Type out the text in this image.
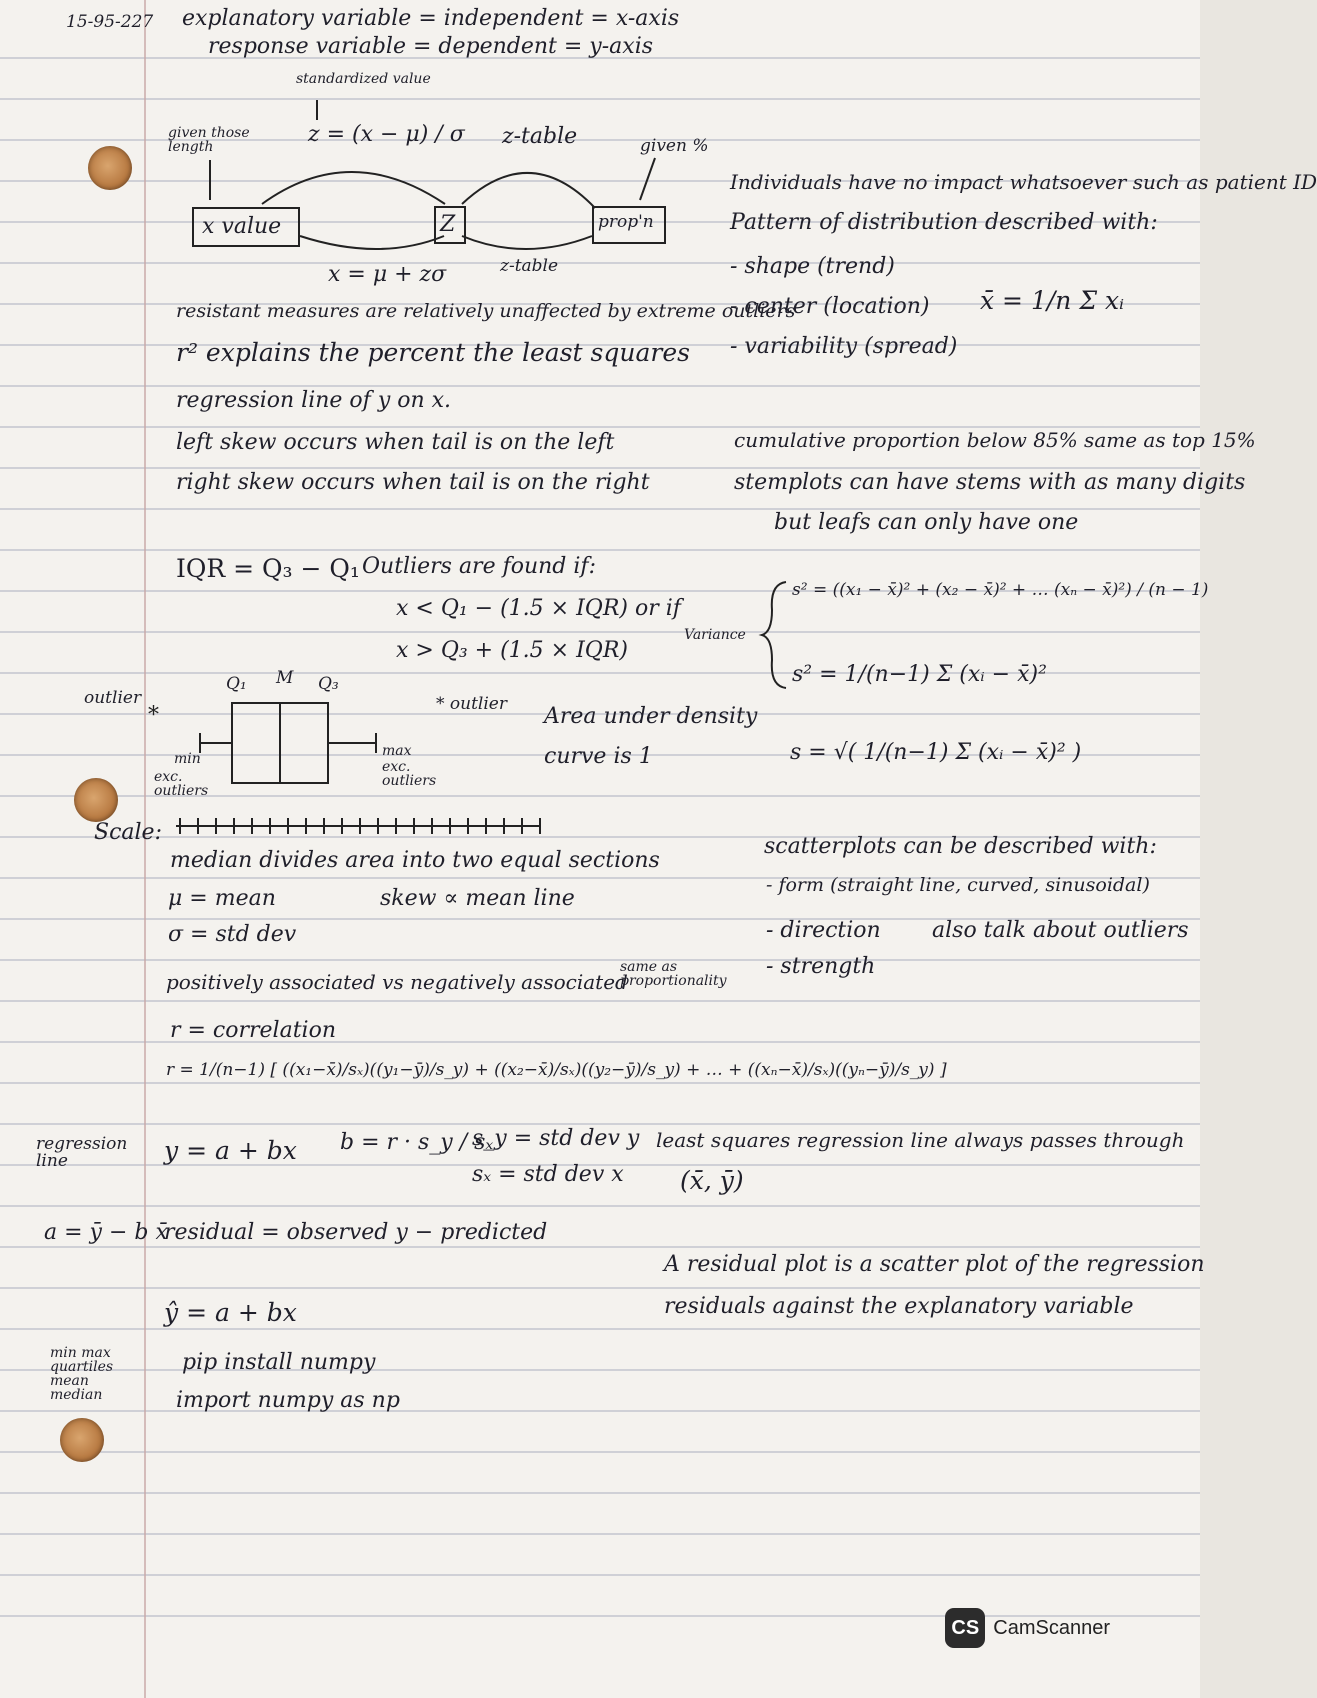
15-95-227 explanatory variable = independent = x-axis
response variable = dependent = y-axis
standardized value
given those length	z = (x − μ) / σ z-table	given %
x value	Z	prop'n
x = μ + zσ	z-table
Individuals have no impact whatsoever such as patient ID
Pattern of distribution described with:
- shape (trend)
- center (location)
- variability (spread)
x̄ = 1/n Σ xᵢ
resistant measures are relatively unaffected by extreme outliers
r² explains the percent the least squares
regression line of y on x.
left skew occurs when tail is on the left
right skew occurs when tail is on the right
cumulative proportion below 85% same as top 15%
stemplots can have stems with as many digits
but leafs can only have one
IQR = Q₃ − Q₁ Outliers are found if:
x < Q₁ − (1.5 × IQR) or if
x > Q₃ + (1.5 × IQR)
Variance
s² = ((x₁ − x̄)² + (x₂ − x̄)² + … (xₙ − x̄)²) / (n − 1)
s² = 1/(n−1) Σ (xᵢ − x̄)²
s = √( 1/(n−1) Σ (xᵢ − x̄)² )
Q₁ M Q₃
outlier	* outlier
min
exc. outliers
max
exc. outliers
*	Area under density
curve is 1
Scale:
median divides area into two equal sections
skew ∝ mean line
μ = mean
σ = std dev
positively associated vs negatively associated
same as proportionality
r = correlation
r = 1/(n−1) [ ((x₁−x̄)/sₓ)((y₁−ȳ)/s_y) + ((x₂−x̄)/sₓ)((y₂−ȳ)/s_y) + … + ((xₙ−x̄)/sₓ)((yₙ−ȳ)/s_y) ]
scatterplots can be described with:
- form (straight line, curved, sinusoidal)
- direction also talk about outliers
- strength
regression line	y = a + bx b = r · s_y / sₓ
s_y = std dev y
sₓ = std dev x
least squares regression line always passes through
(x̄, ȳ)
a = ȳ − b x̄
residual = observed y − predicted
A residual plot is a scatter plot of the regression
residuals against the explanatory variable
ŷ = a + bx
min max quartiles mean median
pip install numpy
import numpy as np
CS CamScanner
